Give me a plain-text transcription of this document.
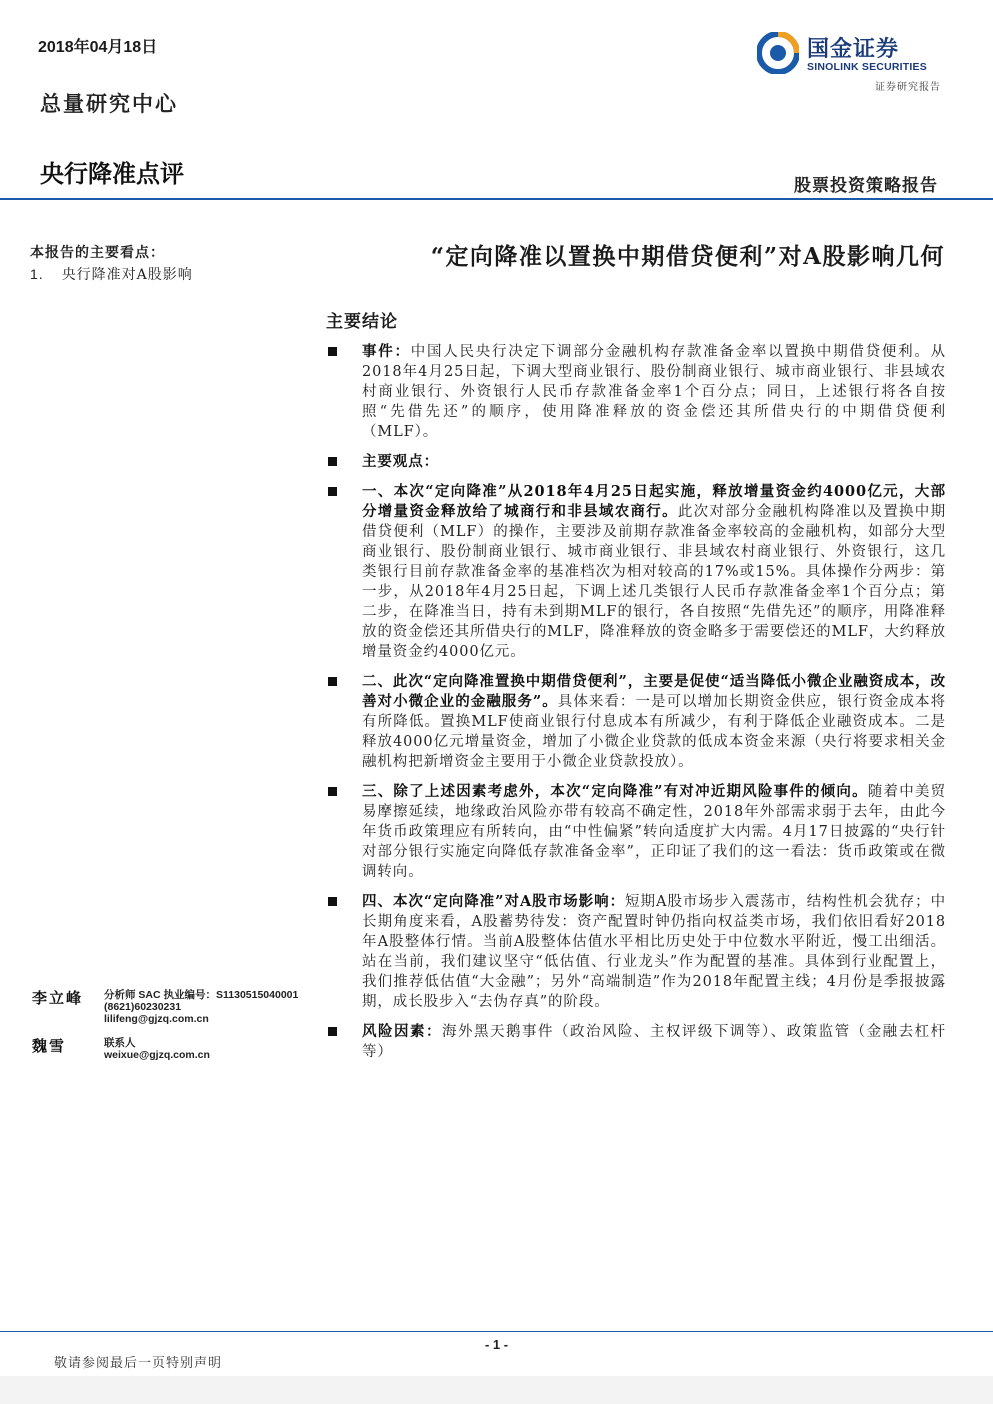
2018年04月18日
总量研究中心
央行降准点评	股票投资策略报告
国金证券
SINOLINK SECURITIES
证券研究报告
本报告的主要看点：
1. 央行降准对A股影响
“定向降准以置换中期借贷便利”对A股影响几何
主要结论
事件：中国人民央行决定下调部分金融机构存款准备金率以置换中期借贷便利。从2018年4月25日起，下调大型商业银行、股份制商业银行、城市商业银行、非县域农村商业银行、外资银行人民币存款准备金率1个百分点；同日，上述银行将各自按照“先借先还”的顺序，使用降准释放的资金偿还其所借央行的中期借贷便利（MLF）。
主要观点：
一、本次“定向降准”从2018年4月25日起实施，释放增量资金约4000亿元，大部分增量资金释放给了城商行和非县域农商行。此次对部分金融机构降准以及置换中期借贷便利（MLF）的操作，主要涉及前期存款准备金率较高的金融机构，如部分大型商业银行、股份制商业银行、城市商业银行、非县域农村商业银行、外资银行，这几类银行目前存款准备金率的基准档次为相对较高的17%或15%。具体操作分两步：第一步，从2018年4月25日起，下调上述几类银行人民币存款准备金率1个百分点；第二步，在降准当日，持有未到期MLF的银行，各自按照“先借先还”的顺序，用降准释放的资金偿还其所借央行的MLF，降准释放的资金略多于需要偿还的MLF，大约释放增量资金约4000亿元。
二、此次“定向降准置换中期借贷便利”，主要是促使“适当降低小微企业融资成本，改善对小微企业的金融服务”。具体来看：一是可以增加长期资金供应，银行资金成本将有所降低。置换MLF使商业银行付息成本有所减少，有利于降低企业融资成本。二是释放4000亿元增量资金，增加了小微企业贷款的低成本资金来源（央行将要求相关金融机构把新增资金主要用于小微企业贷款投放）。
三、除了上述因素考虑外，本次“定向降准”有对冲近期风险事件的倾向。随着中美贸易摩擦延续，地缘政治风险亦带有较高不确定性，2018年外部需求弱于去年，由此今年货币政策理应有所转向，由“中性偏紧”转向适度扩大内需。4月17日披露的“央行针对部分银行实施定向降低存款准备金率”，正印证了我们的这一看法：货币政策或在微调转向。
四、本次“定向降准”对A股市场影响：短期A股市场步入震荡市，结构性机会犹存；中长期角度来看，A股蓄势待发：资产配置时钟仍指向权益类市场，我们依旧看好2018年A股整体行情。当前A股整体估值水平相比历史处于中位数水平附近，慢工出细活。站在当前，我们建议坚守“低估值、行业龙头”作为配置的基准。具体到行业配置上，我们推荐低估值“大金融”；另外“高端制造”作为2018年配置主线；4月份是季报披露期，成长股步入“去伪存真”的阶段。
风险因素：海外黑天鹅事件（政治风险、主权评级下调等）、政策监管（金融去杠杆等）
李立峰 分析师 SAC 执业编号：S1130515040001
(8621)60230231
lilifeng@gjzq.com.cn
魏雪	联系人
weixue@gjzq.com.cn
- 1 -
敬请参阅最后一页特别声明
